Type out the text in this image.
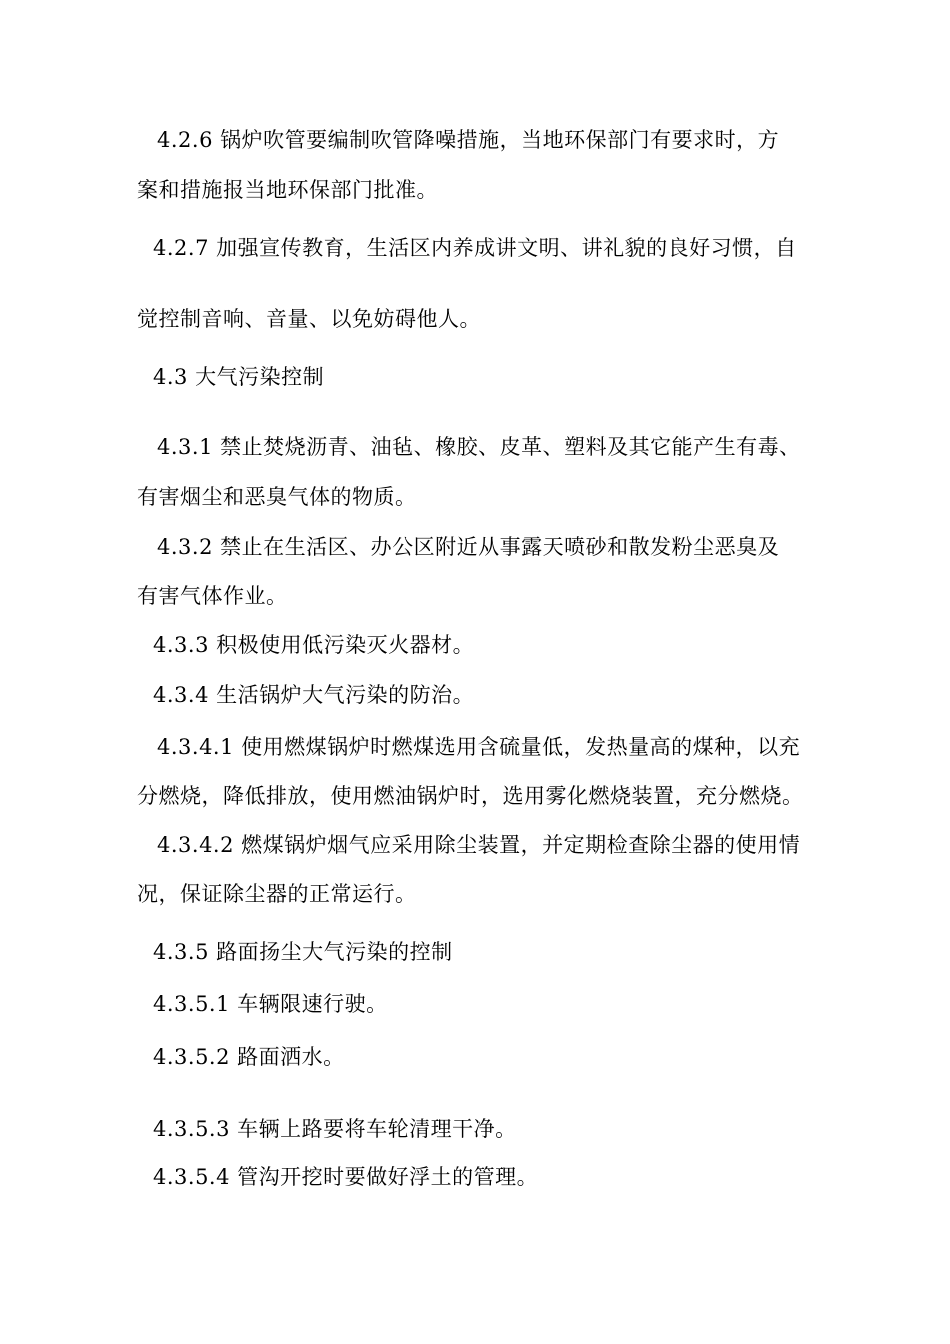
4.2.6 锅炉吹管要编制吹管降噪措施，当地环保部门有要求时，方
案和措施报当地环保部门批准。
4.2.7 加强宣传教育，生活区内养成讲文明、讲礼貌的良好习惯，自
觉控制音响、音量、以免妨碍他人。
4.3 大气污染控制
4.3.1 禁止焚烧沥青、油毡、橡胶、皮革、塑料及其它能产生有毒、
有害烟尘和恶臭气体的物质。
4.3.2 禁止在生活区、办公区附近从事露天喷砂和散发粉尘恶臭及
有害气体作业。
4.3.3 积极使用低污染灭火器材。
4.3.4 生活锅炉大气污染的防治。
4.3.4.1 使用燃煤锅炉时燃煤选用含硫量低，发热量高的煤种，以充
分燃烧，降低排放，使用燃油锅炉时，选用雾化燃烧装置，充分燃烧。
4.3.4.2 燃煤锅炉烟气应采用除尘装置，并定期检查除尘器的使用情
况，保证除尘器的正常运行。
4.3.5 路面扬尘大气污染的控制
4.3.5.1 车辆限速行驶。
4.3.5.2 路面洒水。
4.3.5.3 车辆上路要将车轮清理干净。
4.3.5.4 管沟开挖时要做好浮土的管理。
